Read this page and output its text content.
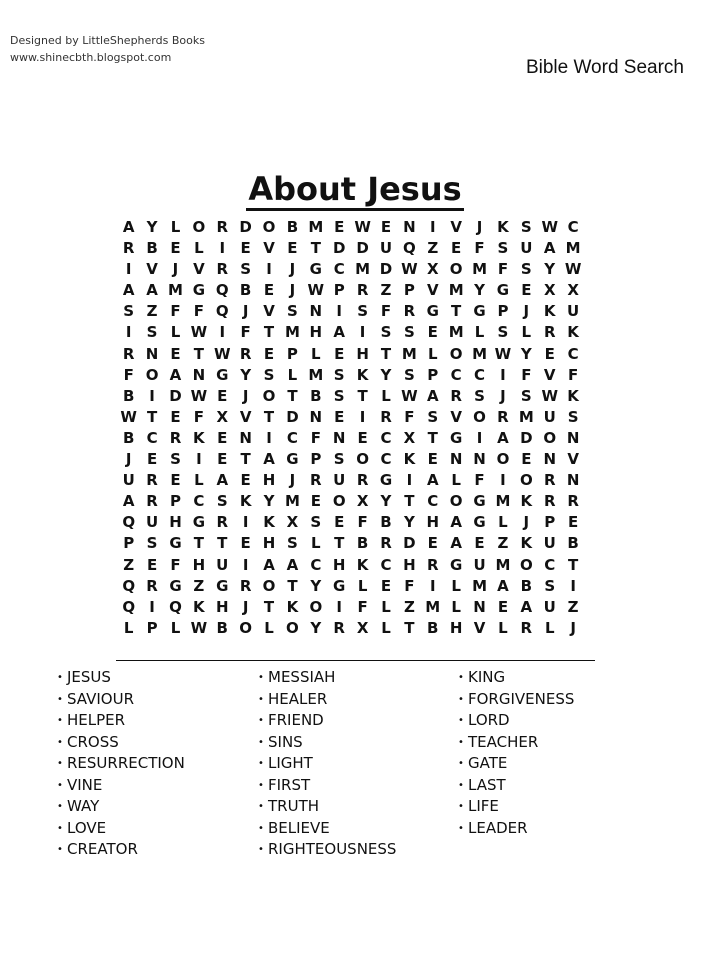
Designed by LittleShepherds Books
www.shinecbth.blogspot.com	Bible Word Search
About Jesus
A Y L O R D O B M E W E N I V J K S W C
R B E L	I	E V E T D D U Q Z E F S U A M
I V J V R S	I	J G C M D W X O M F S Y W
A A M G Q B E	J W P R Z P V M Y G E X X
S Z F F Q J V S N I	S F R G T G P	J K U
I	S L W I	F T M H A I	S S E M L S L R K
R N E T W R E P L E H T M L O M W Y E C
F O A N G Y S L M S K Y S P C C	I	F V F
B I D W E	J O T B S T L W A R S	J	S W K
W T E F X V T D N E	I R F S V O R M U S
B C R K E N I	C F N E C X T G I A D O N
J	E S	I	E T A G P S O C K E N N O E N V
U R E L A E H J R U R G I A L F	I O R N
A R P C S K Y M E O X Y T C O G M K R R
Q U H G R I K X S E F B Y H A G L	J	P E
P S G T T E H S L T B R D E A E Z K U B
Z E F H U I A A C H K C H R G U M O C T
Q R G Z G R O T Y G L E F	I	L M A B S	I
Q I Q K H J	T K O I	F L Z M L N E A U Z
L P L W B O L O Y R X L T B H V L R L	J
• JESUS
• SAVIOUR
• HELPER
• CROSS
• RESURRECTION
• VINE
• WAY
• LOVE
• CREATOR
• MESSIAH
• HEALER
• FRIEND
• SINS
• LIGHT
• FIRST
• TRUTH
• BELIEVE
• RIGHTEOUSNESS
• KING
• FORGIVENESS
• LORD
• TEACHER
• GATE
• LAST
• LIFE
• LEADER
